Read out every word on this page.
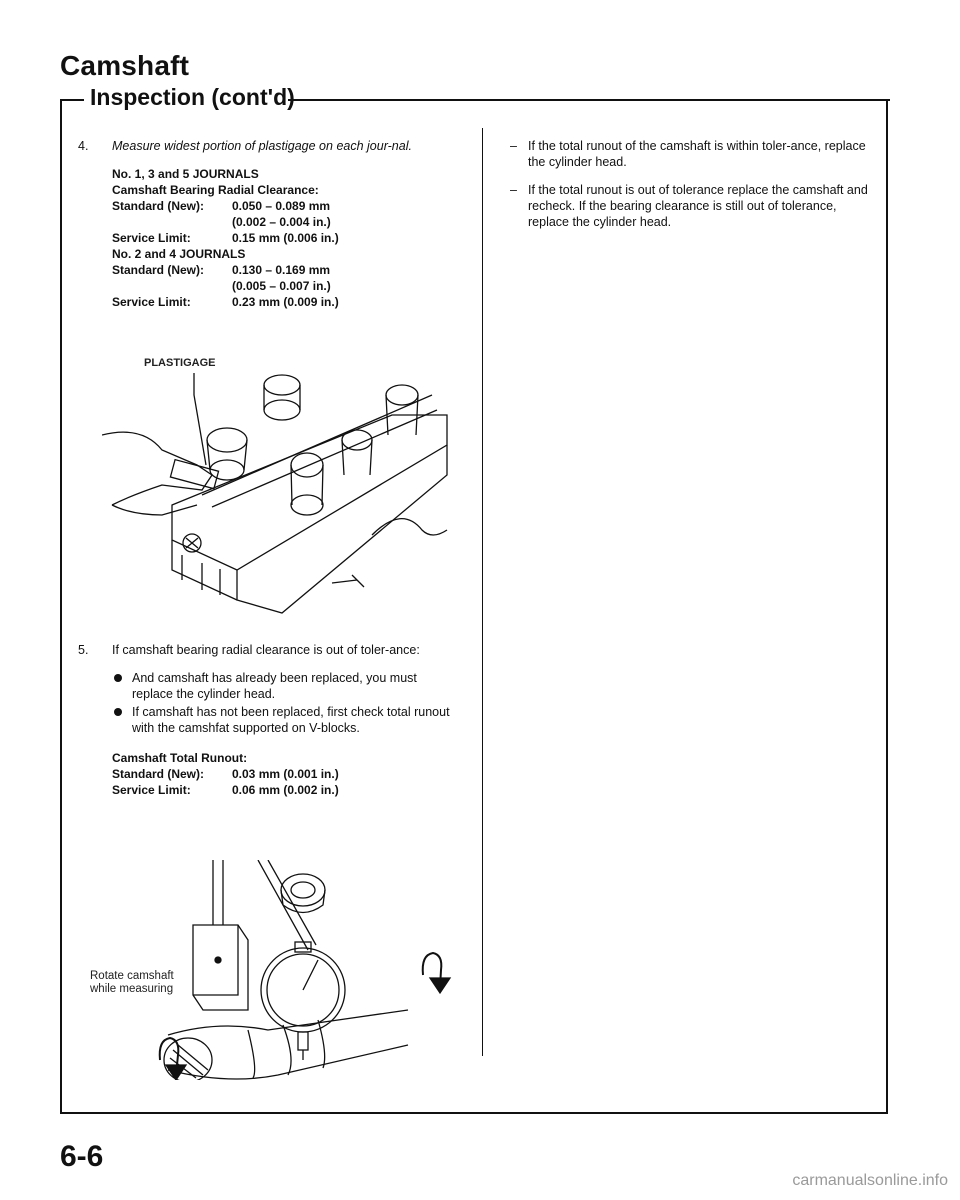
Camshaft
Inspection (cont'd)
4. Measure widest portion of plastigage on each jour-nal.

No. 1, 3 and 5 JOURNALS
Camshaft Bearing Radial Clearance:
Standard (New):	0.050 – 0.089 mm
(0.002 – 0.004 in.)
Service Limit:	0.15 mm (0.006 in.)
No. 2 and 4 JOURNALS
Standard (New):	0.130 – 0.169 mm
(0.005 – 0.007 in.)
Service Limit:	0.23 mm (0.009 in.)
PLASTIGAGE
5. If camshaft bearing radial clearance is out of toler-ance:

And camshaft has already been replaced, you must replace the cylinder head.
If camshaft has not been replaced, first check total runout with the camshfat supported on V-blocks.
Camshaft Total Runout:
Standard (New):	0.03 mm (0.001 in.)
Service Limit:	0.06 mm (0.002 in.)
Rotate camshaft
while measuring
– If the total runout of the camshaft is within toler-ance, replace the cylinder head.
– If the total runout is out of tolerance replace the camshaft and recheck. If the bearing clearance is still out of tolerance, replace the cylinder head.
6-6
carmanualsonline.info
